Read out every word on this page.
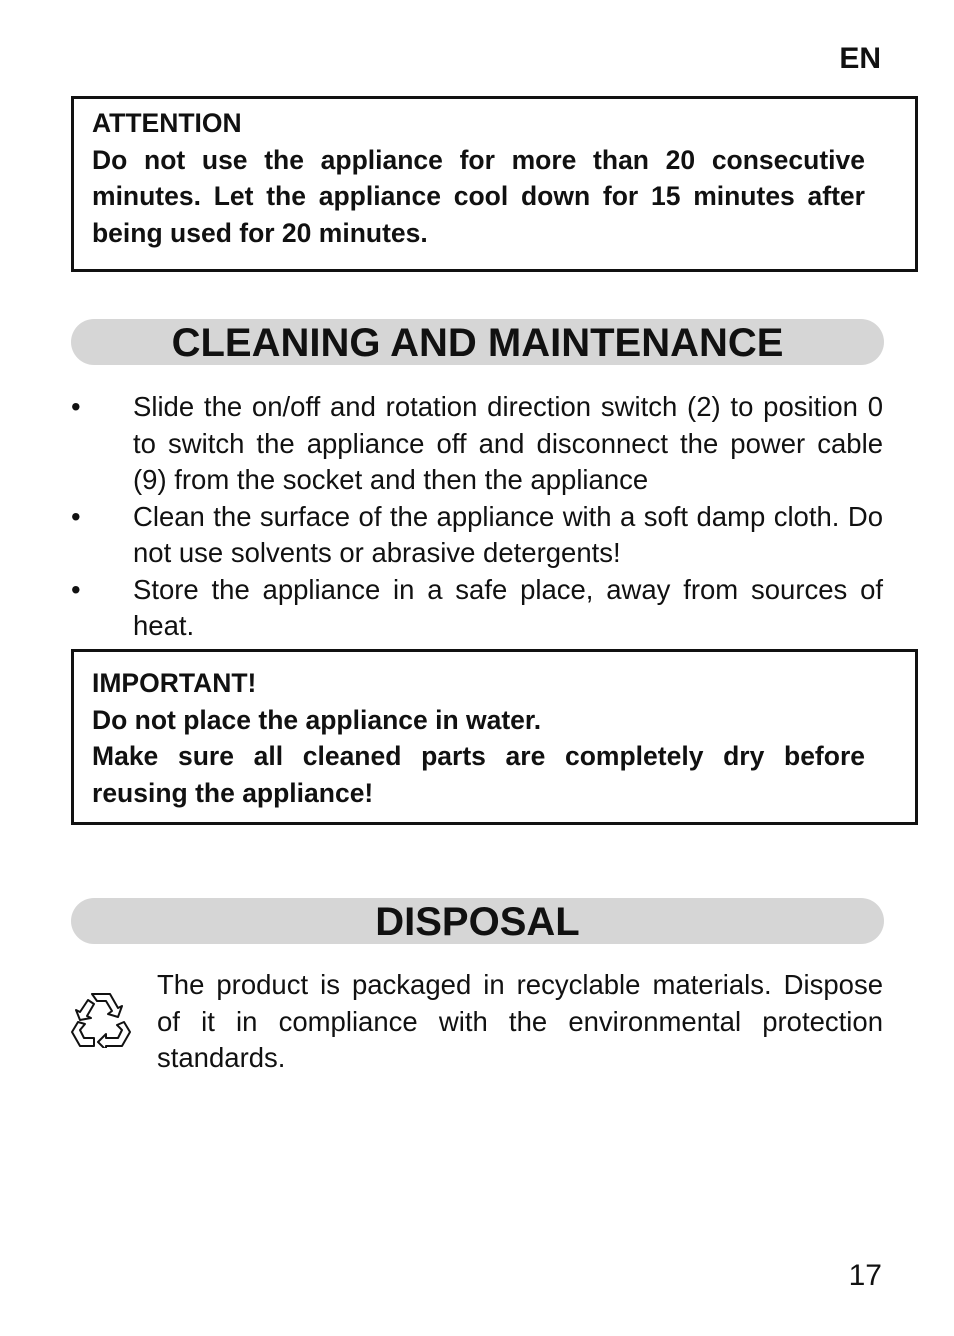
EN
ATTENTION
Do not use the appliance for more than 20 consecutive minutes. Let the appliance cool down for 15 minutes after being used for 20 minutes.
CLEANING AND MAINTENANCE
•	Slide the on/off and rotation direction switch (2) to position 0 to switch the appliance off and disconnect the power cable (9) from the socket and then the appliance
•	Clean the surface of the appliance with a soft damp cloth. Do not use solvents or abrasive detergents!
•	Store the appliance in a safe place, away from sources of heat.
IMPORTANT!
Do not place the appliance in water.
Make sure all cleaned parts are completely dry before reusing the appliance!
DISPOSAL
The product is packaged in recyclable materials. Dispose of it in compliance with the environmental protection standards.
17
